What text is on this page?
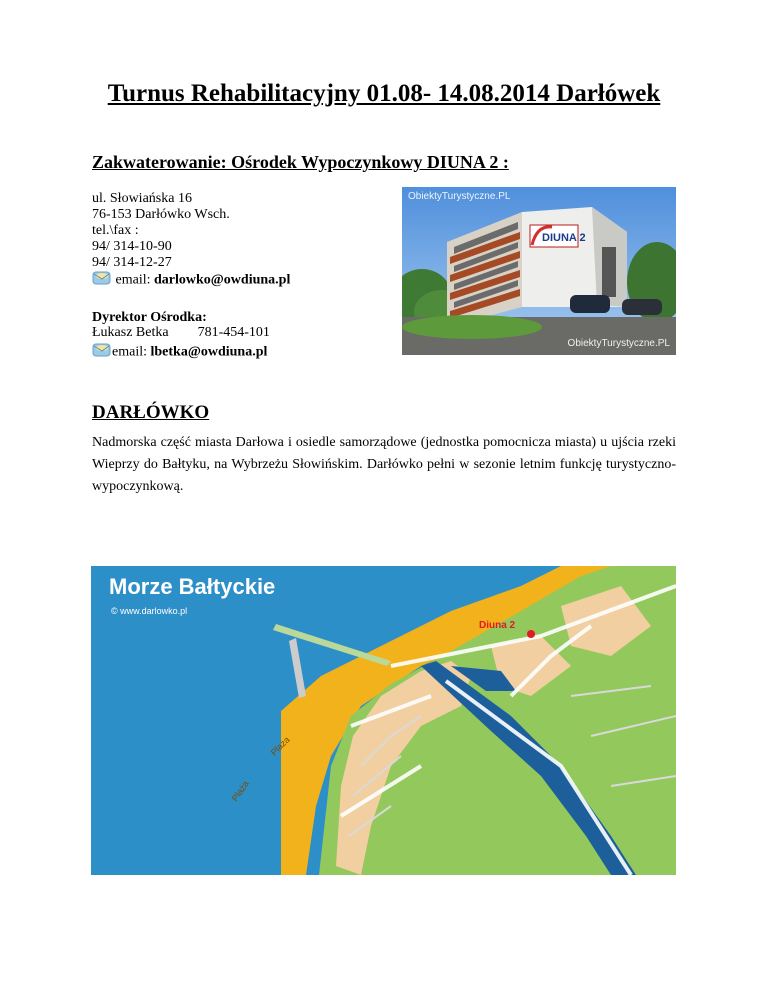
Turnus Rehabilitacyjny 01.08- 14.08.2014 Darłówek
Zakwaterowanie: Ośrodek Wypoczynkowy DIUNA 2 :
ul. Słowiańska 16
76-153 Darłówko Wsch.
tel.\fax :
94/ 314-10-90
94/ 314-12-27
email: darlowko@owdiuna.pl
Dyrektor Ośrodka:
Łukasz Betka 781-454-101
email: lbetka@owdiuna.pl
DIUNA 2
ObiektyTurystyczne.PL
ObiektyTurystyczne.PL
DARŁÓWKO

Nadmorska część miasta Darłowa i osiedle samorządowe (jednostka pomocnicza miasta) u ujścia rzeki Wieprzy do Bałtyku, na Wybrzeżu Słowińskim. Darłówko pełni w sezonie letnim funkcję turystyczno-wypoczynkową.

Morze Bałtyckie
© www.darlowko.pl
Diuna 2
Plaża
Plaża
